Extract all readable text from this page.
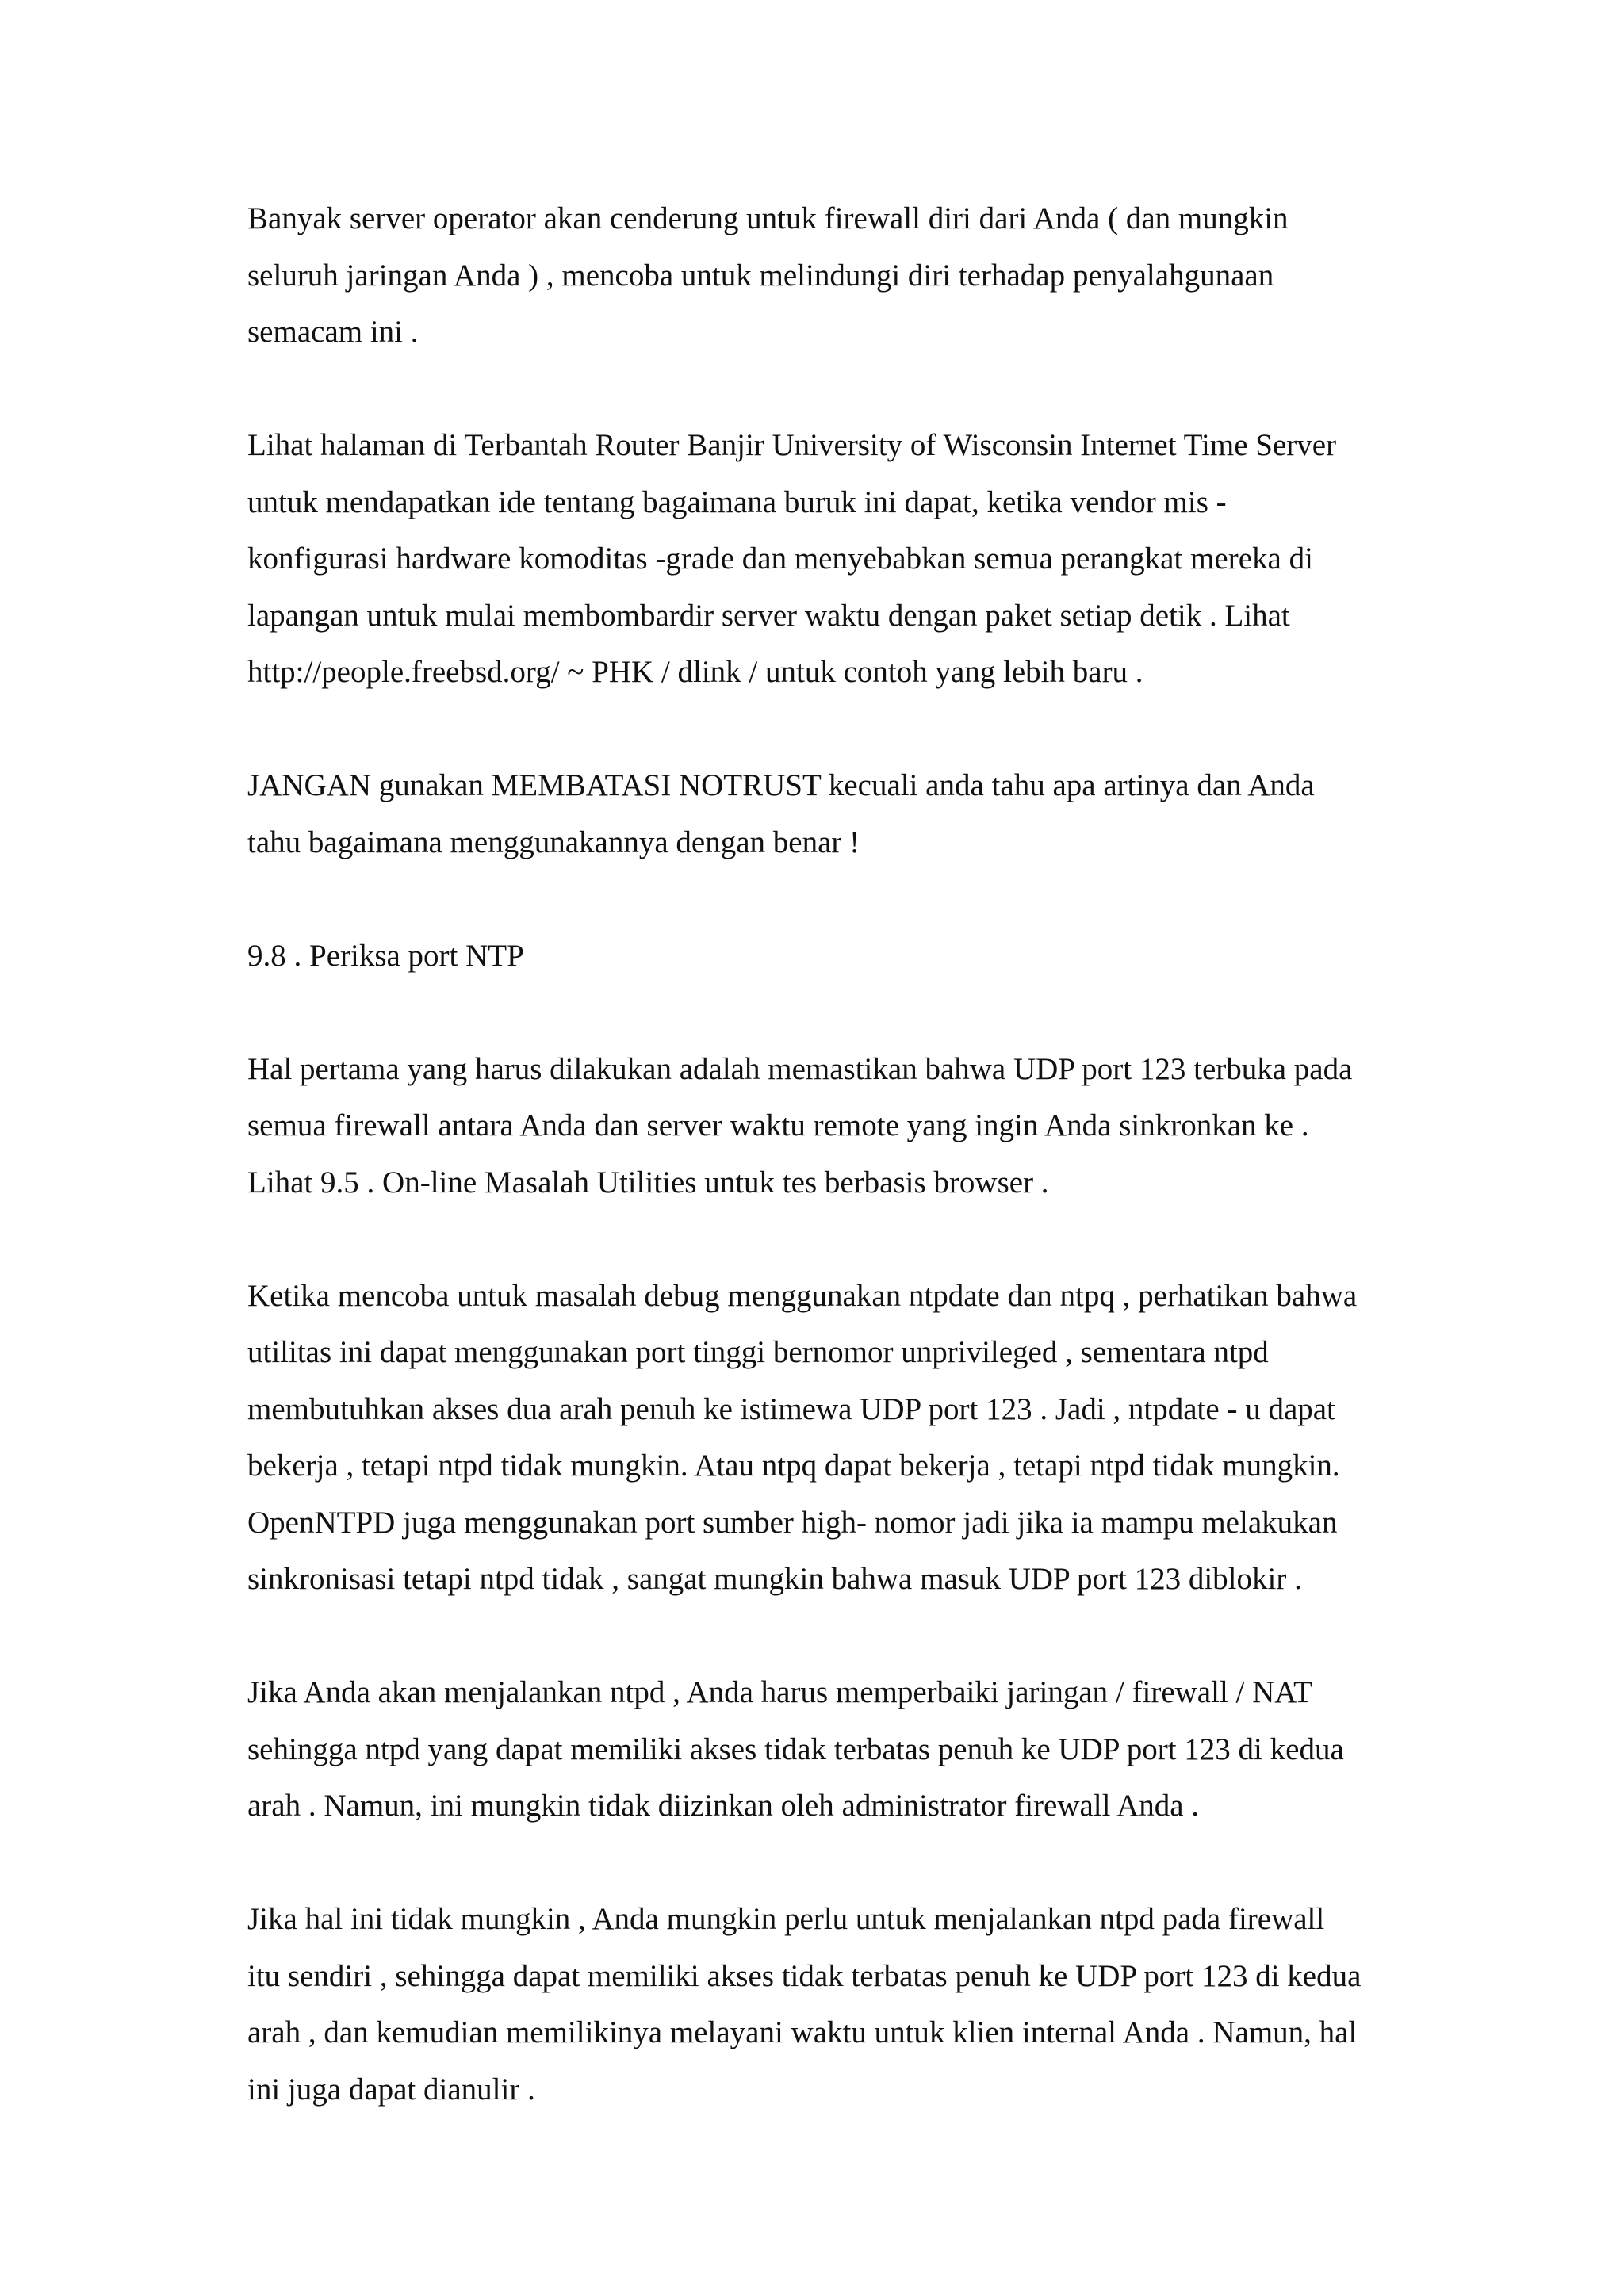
Banyak server operator akan cenderung untuk firewall diri dari Anda ( dan mungkin
seluruh jaringan Anda ) , mencoba untuk melindungi diri terhadap penyalahgunaan
semacam ini .

Lihat halaman di Terbantah Router Banjir University of Wisconsin Internet Time Server
untuk mendapatkan ide tentang bagaimana buruk ini dapat, ketika vendor mis -
konfigurasi hardware komoditas -grade dan menyebabkan semua perangkat mereka di
lapangan untuk mulai membombardir server waktu dengan paket setiap detik . Lihat
http://people.freebsd.org/ ~ PHK / dlink / untuk contoh yang lebih baru .

JANGAN gunakan MEMBATASI NOTRUST kecuali anda tahu apa artinya dan Anda
tahu bagaimana menggunakannya dengan benar !

9.8 . Periksa port NTP

Hal pertama yang harus dilakukan adalah memastikan bahwa UDP port 123 terbuka pada
semua firewall antara Anda dan server waktu remote yang ingin Anda sinkronkan ke .
Lihat 9.5 . On-line Masalah Utilities untuk tes berbasis browser .

Ketika mencoba untuk masalah debug menggunakan ntpdate dan ntpq , perhatikan bahwa
utilitas ini dapat menggunakan port tinggi bernomor unprivileged , sementara ntpd
membutuhkan akses dua arah penuh ke istimewa UDP port 123 . Jadi , ntpdate - u dapat
bekerja , tetapi ntpd tidak mungkin. Atau ntpq dapat bekerja , tetapi ntpd tidak mungkin.
OpenNTPD juga menggunakan port sumber high- nomor jadi jika ia mampu melakukan
sinkronisasi tetapi ntpd tidak , sangat mungkin bahwa masuk UDP port 123 diblokir .

Jika Anda akan menjalankan ntpd , Anda harus memperbaiki jaringan / firewall / NAT
sehingga ntpd yang dapat memiliki akses tidak terbatas penuh ke UDP port 123 di kedua
arah . Namun, ini mungkin tidak diizinkan oleh administrator firewall Anda .

Jika hal ini tidak mungkin , Anda mungkin perlu untuk menjalankan ntpd pada firewall
itu sendiri , sehingga dapat memiliki akses tidak terbatas penuh ke UDP port 123 di kedua
arah , dan kemudian memilikinya melayani waktu untuk klien internal Anda . Namun, hal
ini juga dapat dianulir .
